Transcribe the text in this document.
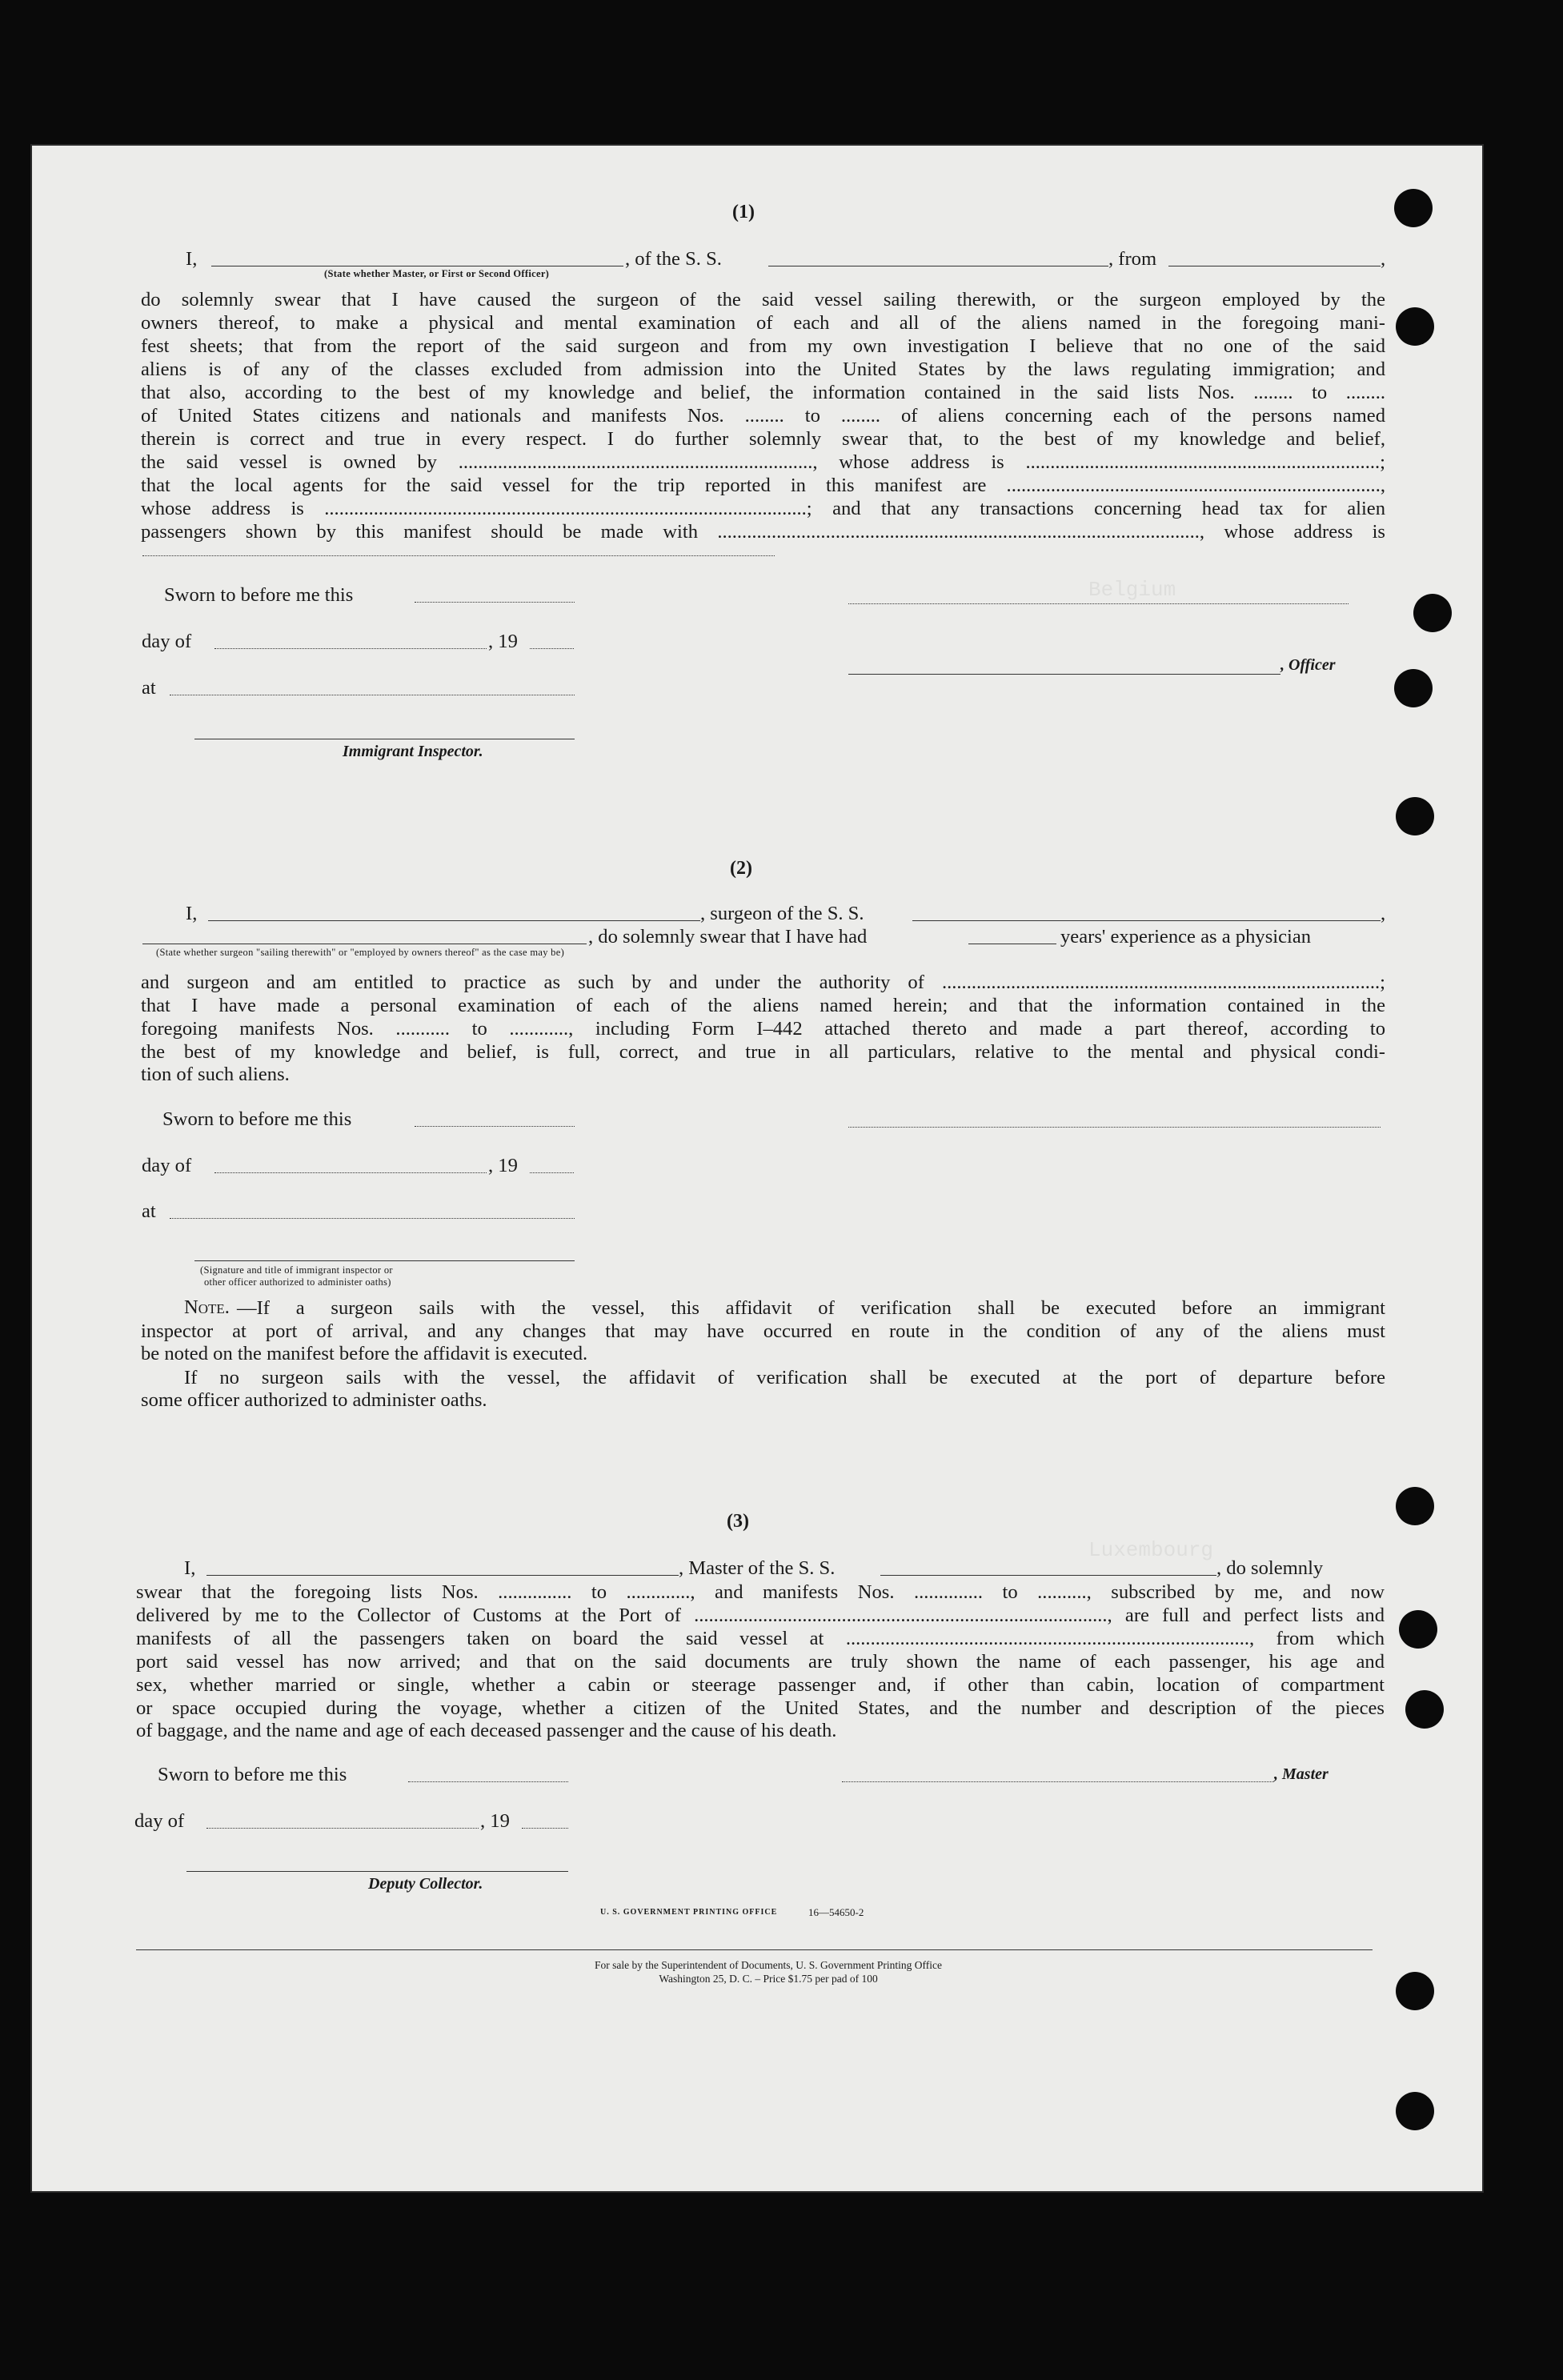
Belgium
Luxembourg
(1)
I,	, of the S. S.	, from	,
(State whether Master, or First or Second Officer)
do solemnly swear that I have caused the surgeon of the said vessel sailing therewith, or the surgeon employed by the
owners thereof, to make a physical and mental examination of each and all of the aliens named in the foregoing mani-
fest sheets; that from the report of the said surgeon and from my own investigation I believe that no one of the said
aliens is of any of the classes excluded from admission into the United States by the laws regulating immigration; and
that also, according to the best of my knowledge and belief, the information contained in the said lists Nos. ........ to ........
of United States citizens and nationals and manifests Nos. ........ to ........ of aliens concerning each of the persons named
therein is correct and true in every respect. I do further solemnly swear that, to the best of my knowledge and belief,
the said vessel is owned by ........................................................................, whose address is ........................................................................;
that the local agents for the said vessel for the trip reported in this manifest are ............................................................................,
whose address is ..................................................................................................; and that any transactions concerning head tax for alien
passengers shown by this manifest should be made with .................................................................................................., whose address is
Sworn to before me this
day of	, 19
at
Immigrant Inspector.
, Officer
(2)
I,	, surgeon of the S. S.	,
, do solemnly swear that I have had	years' experience as a physician
(State whether surgeon "sailing therewith" or "employed by owners thereof" as the case may be)
and surgeon and am entitled to practice as such by and under the authority of .........................................................................................;
that I have made a personal examination of each of the aliens named herein; and that the information contained in the
foregoing manifests Nos. ........... to ............, including Form I–442 attached thereto and made a part thereof, according to
the best of my knowledge and belief, is full, correct, and true in all particulars, relative to the mental and physical condi-
tion of such aliens.
Sworn to before me this
day of	, 19
at
(Signature and title of immigrant inspector or
other officer authorized to administer oaths)
Note. —If a surgeon sails with the vessel, this affidavit of verification shall be executed before an immigrant
inspector at port of arrival, and any changes that may have occurred en route in the condition of any of the aliens must
be noted on the manifest before the affidavit is executed.
If no surgeon sails with the vessel, the affidavit of verification shall be executed at the port of departure before
some officer authorized to administer oaths.
(3)
I,	, Master of the S. S.	, do solemnly
swear that the foregoing lists Nos. ............... to ............., and manifests Nos. .............. to .........., subscribed by me, and now
delivered by me to the Collector of Customs at the Port of ...................................................................................., are full and perfect lists and
manifests of all the passengers taken on board the said vessel at .................................................................................., from which
port said vessel has now arrived; and that on the said documents are truly shown the name of each passenger, his age and
sex, whether married or single, whether a cabin or steerage passenger and, if other than cabin, location of compartment
or space occupied during the voyage, whether a citizen of the United States, and the number and description of the pieces
of baggage, and the name and age of each deceased passenger and the cause of his death.
Sworn to before me this
day of	, 19
Deputy Collector.
, Master
U. S. GOVERNMENT PRINTING OFFICE	16—54650-2
For sale by the Superintendent of Documents, U. S. Government Printing Office
Washington 25, D. C. – Price $1.75 per pad of 100
